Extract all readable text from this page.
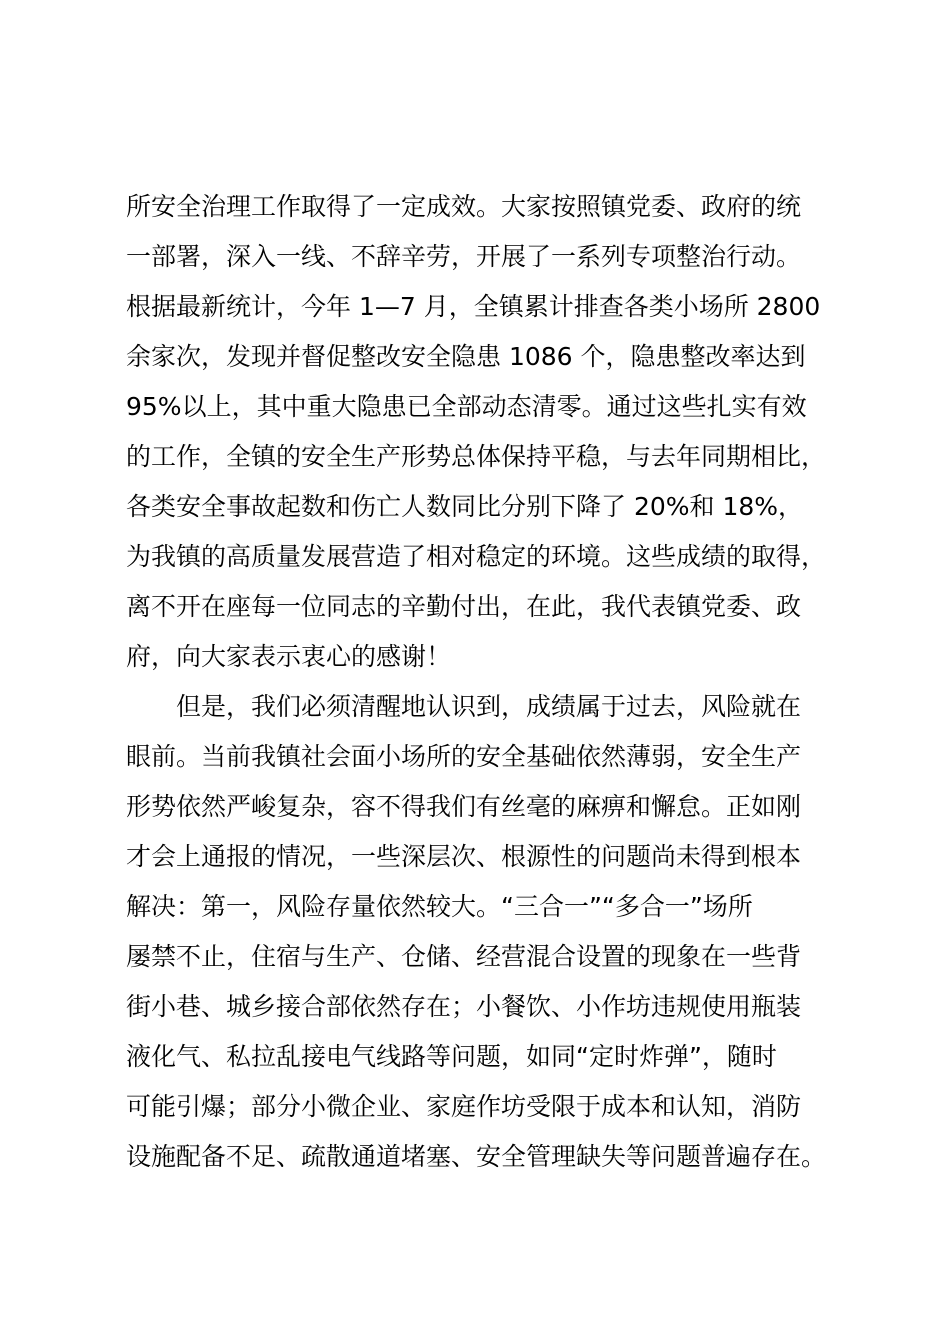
所安全治理工作取得了一定成效。大家按照镇党委、政府的统
一部署，深入一线、不辞辛劳，开展了一系列专项整治行动。
根据最新统计，今年 1—7 月，全镇累计排查各类小场所 2800
余家次，发现并督促整改安全隐患 1086 个，隐患整改率达到
95%以上，其中重大隐患已全部动态清零。通过这些扎实有效
的工作，全镇的安全生产形势总体保持平稳，与去年同期相比，
各类安全事故起数和伤亡人数同比分别下降了 20%和 18%，
为我镇的高质量发展营造了相对稳定的环境。这些成绩的取得，
离不开在座每一位同志的辛勤付出，在此，我代表镇党委、政
府，向大家表示衷心的感谢！
　　但是，我们必须清醒地认识到，成绩属于过去，风险就在
眼前。当前我镇社会面小场所的安全基础依然薄弱，安全生产
形势依然严峻复杂，容不得我们有丝毫的麻痹和懈怠。正如刚
才会上通报的情况，一些深层次、根源性的问题尚未得到根本
解决：第一，风险存量依然较大。“三合一”“多合一”场所
屡禁不止，住宿与生产、仓储、经营混合设置的现象在一些背
街小巷、城乡接合部依然存在；小餐饮、小作坊违规使用瓶装
液化气、私拉乱接电气线路等问题，如同“定时炸弹”，随时
可能引爆；部分小微企业、家庭作坊受限于成本和认知，消防
设施配备不足、疏散通道堵塞、安全管理缺失等问题普遍存在。
